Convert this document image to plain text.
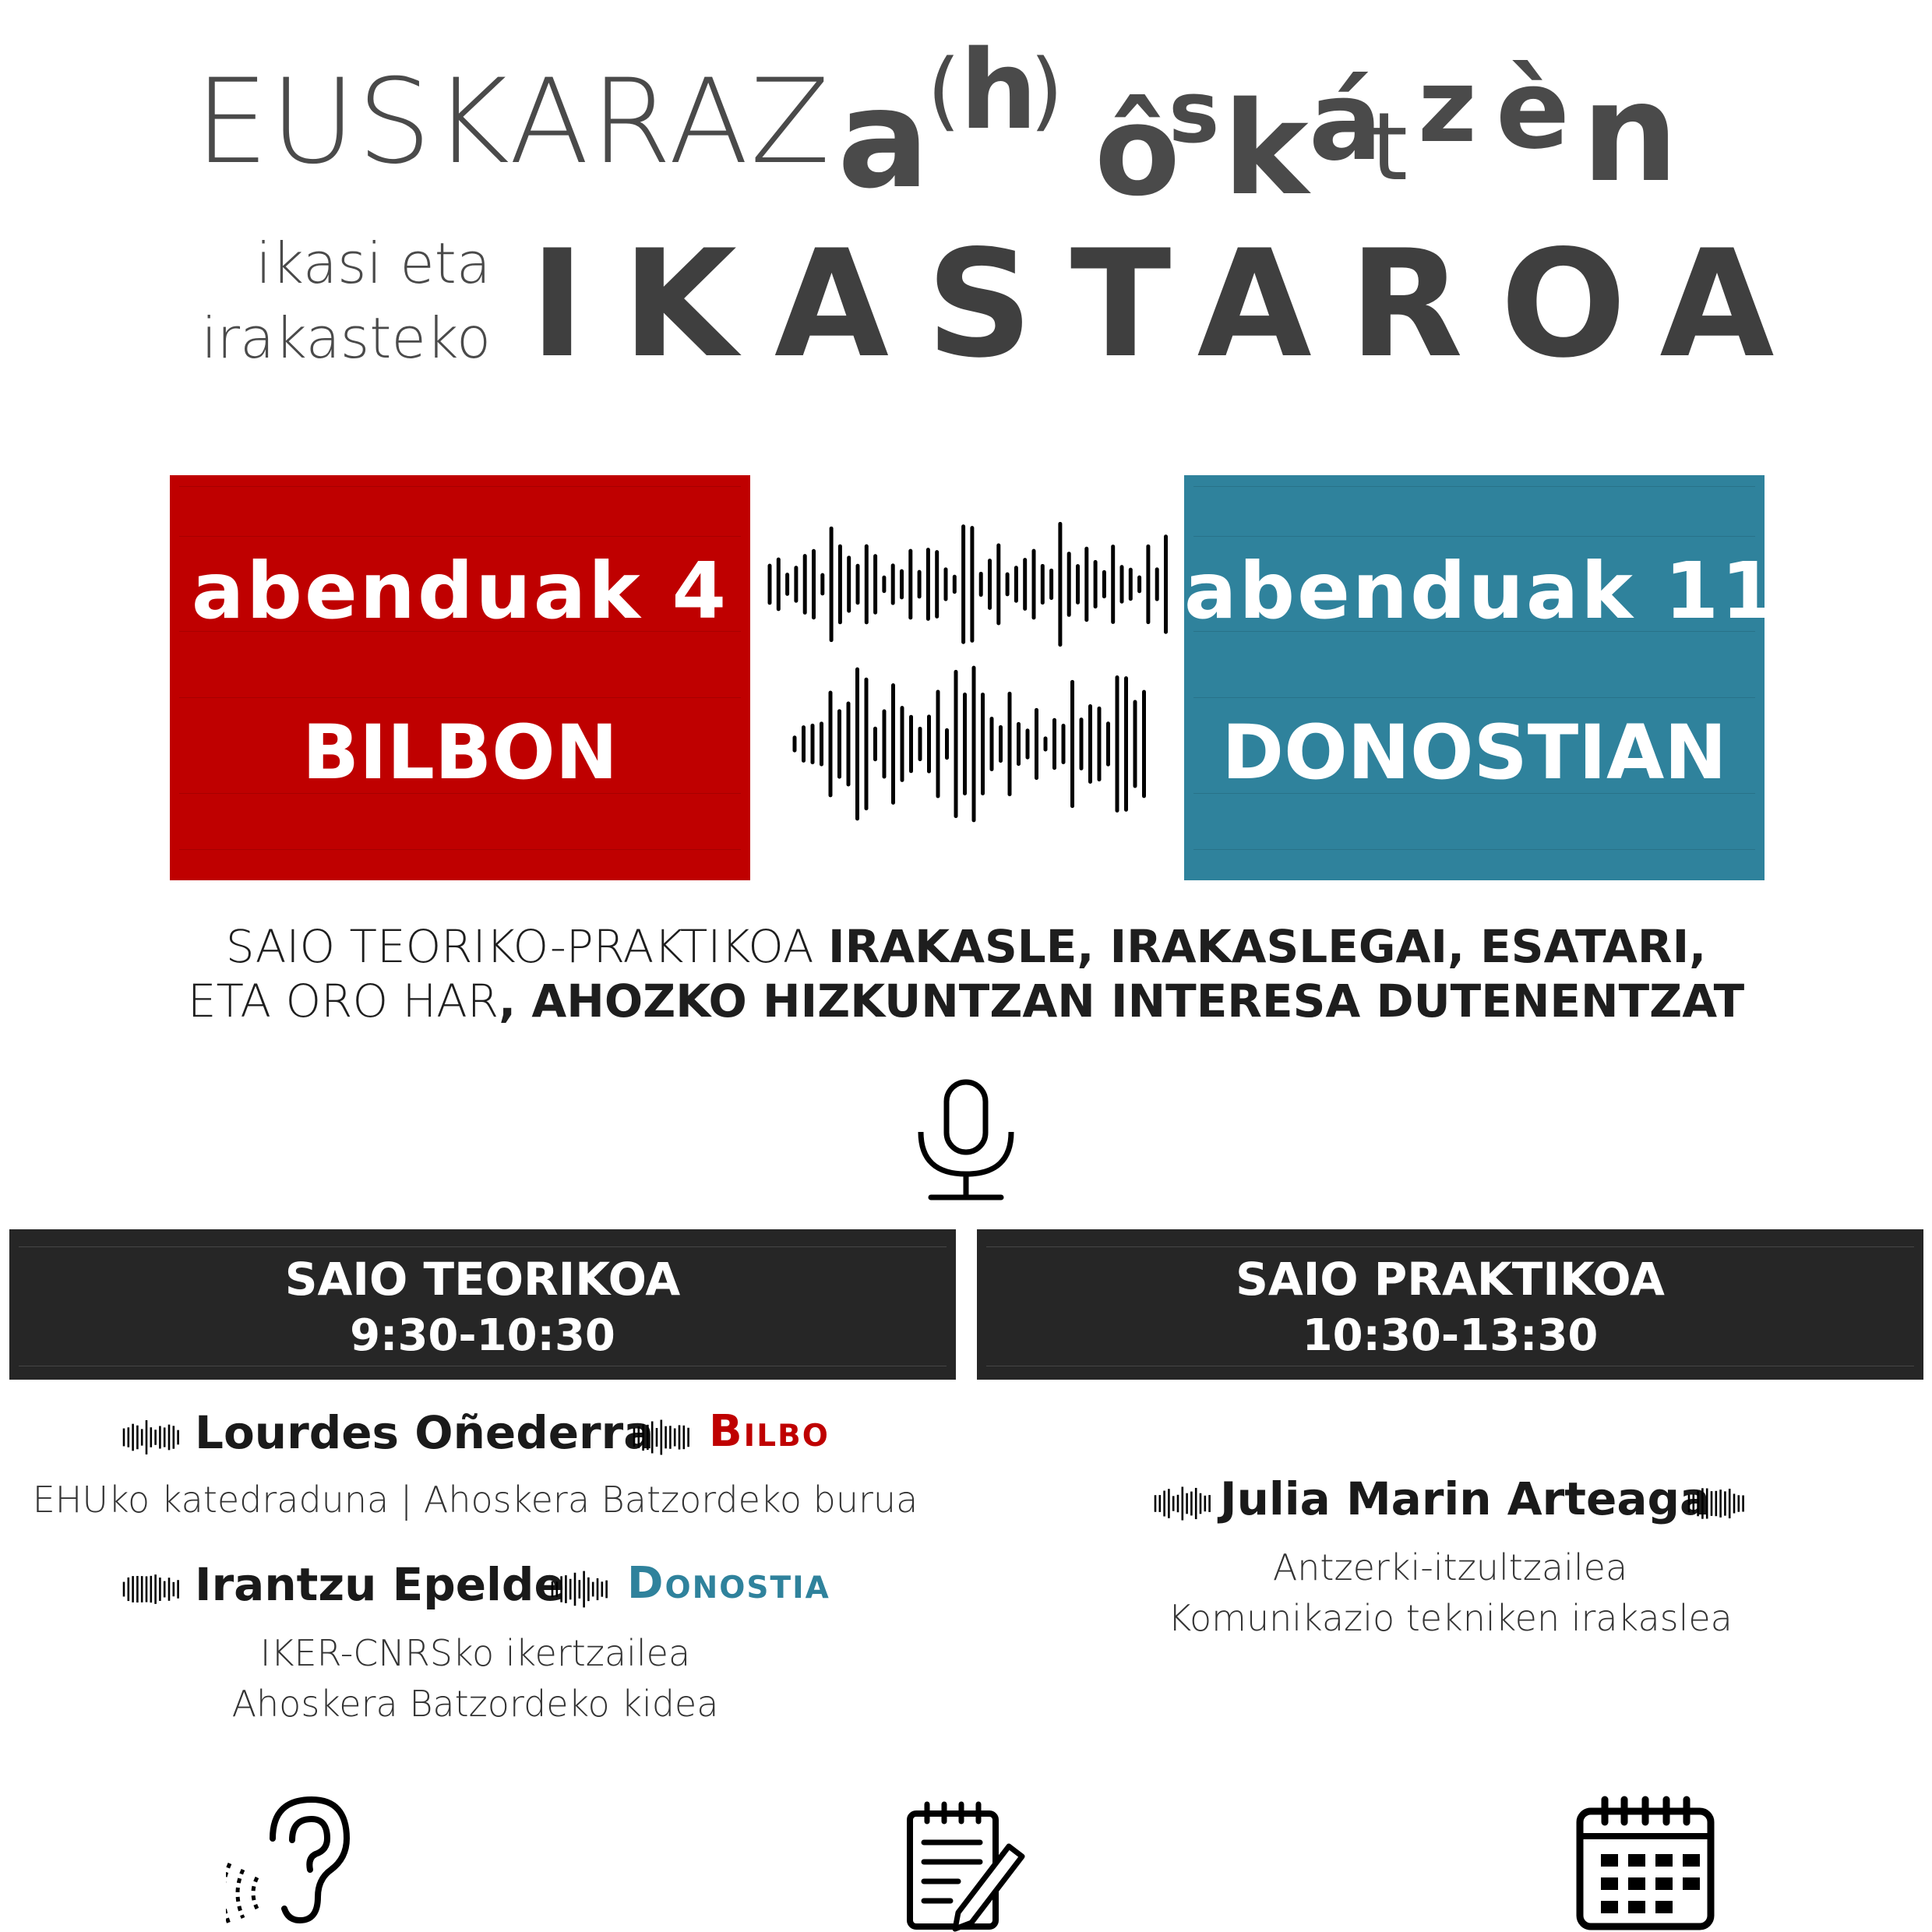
EUSKARAZ a
( h
) ô
s k á
t z è n
ikasi eta
irakasteko IKASTAROA
abenduak 4
BILBON
abenduak 11
DONOSTIAN
SAIO TEORIKO-PRAKTIKOA IRAKASLE, IRAKASLEGAI, ESATARI,
ETA ORO HAR, AHOZKO HIZKUNTZAN INTERESA DUTENENTZAT
SAIO TEORIKOA
9:30-10:30
SAIO PRAKTIKOA
10:30-13:30
Lourdes Oñederra Bilbo
EHUko katedraduna | Ahoskera Batzordeko burua
Irantzu Epelde Donostia
IKER-CNRSko ikertzailea
Ahoskera Batzordeko kidea
Julia Marin Arteaga
Antzerki-itzultzailea
Komunikazio tekniken irakaslea
